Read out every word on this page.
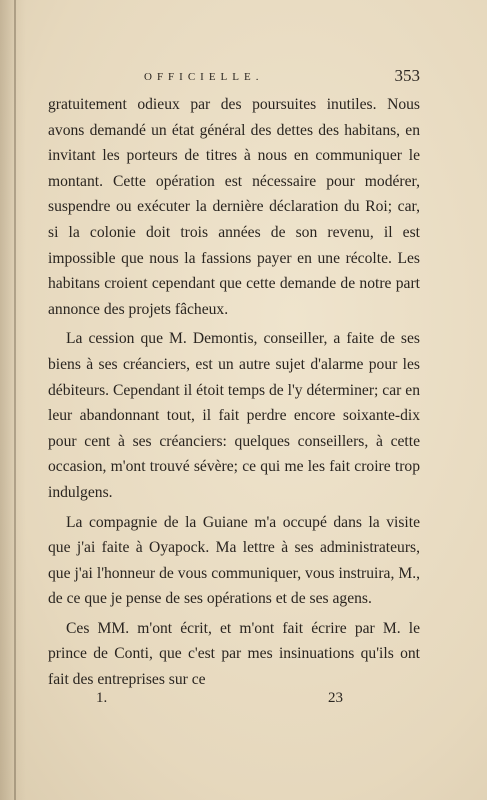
OFFICIELLE.	353

gratuitement odieux par des poursuites inutiles. Nous avons demandé un état général des dettes des habitans, en invitant les porteurs de titres à nous en communiquer le montant. Cette opération est nécessaire pour modérer, suspendre ou exécuter la dernière déclaration du Roi; car, si la colonie doit trois années de son revenu, il est impossible que nous la fassions payer en une récolte. Les habitans croient cependant que cette demande de notre part annonce des projets fâcheux.

La cession que M. Demontis, conseiller, a faite de ses biens à ses créanciers, est un autre sujet d'alarme pour les débiteurs. Cependant il étoit temps de l'y déterminer; car en leur abandonnant tout, il fait perdre encore soixante-dix pour cent à ses créanciers: quelques conseillers, à cette occasion, m'ont trouvé sévère; ce qui me les fait croire trop indulgens.

La compagnie de la Guiane m'a occupé dans la visite que j'ai faite à Oyapock. Ma lettre à ses administrateurs, que j'ai l'honneur de vous communiquer, vous instruira, M., de ce que je pense de ses opérations et de ses agens.

Ces MM. m'ont écrit, et m'ont fait écrire par M. le prince de Conti, que c'est par mes insinuations qu'ils ont fait des entreprises sur ce

1.	23
